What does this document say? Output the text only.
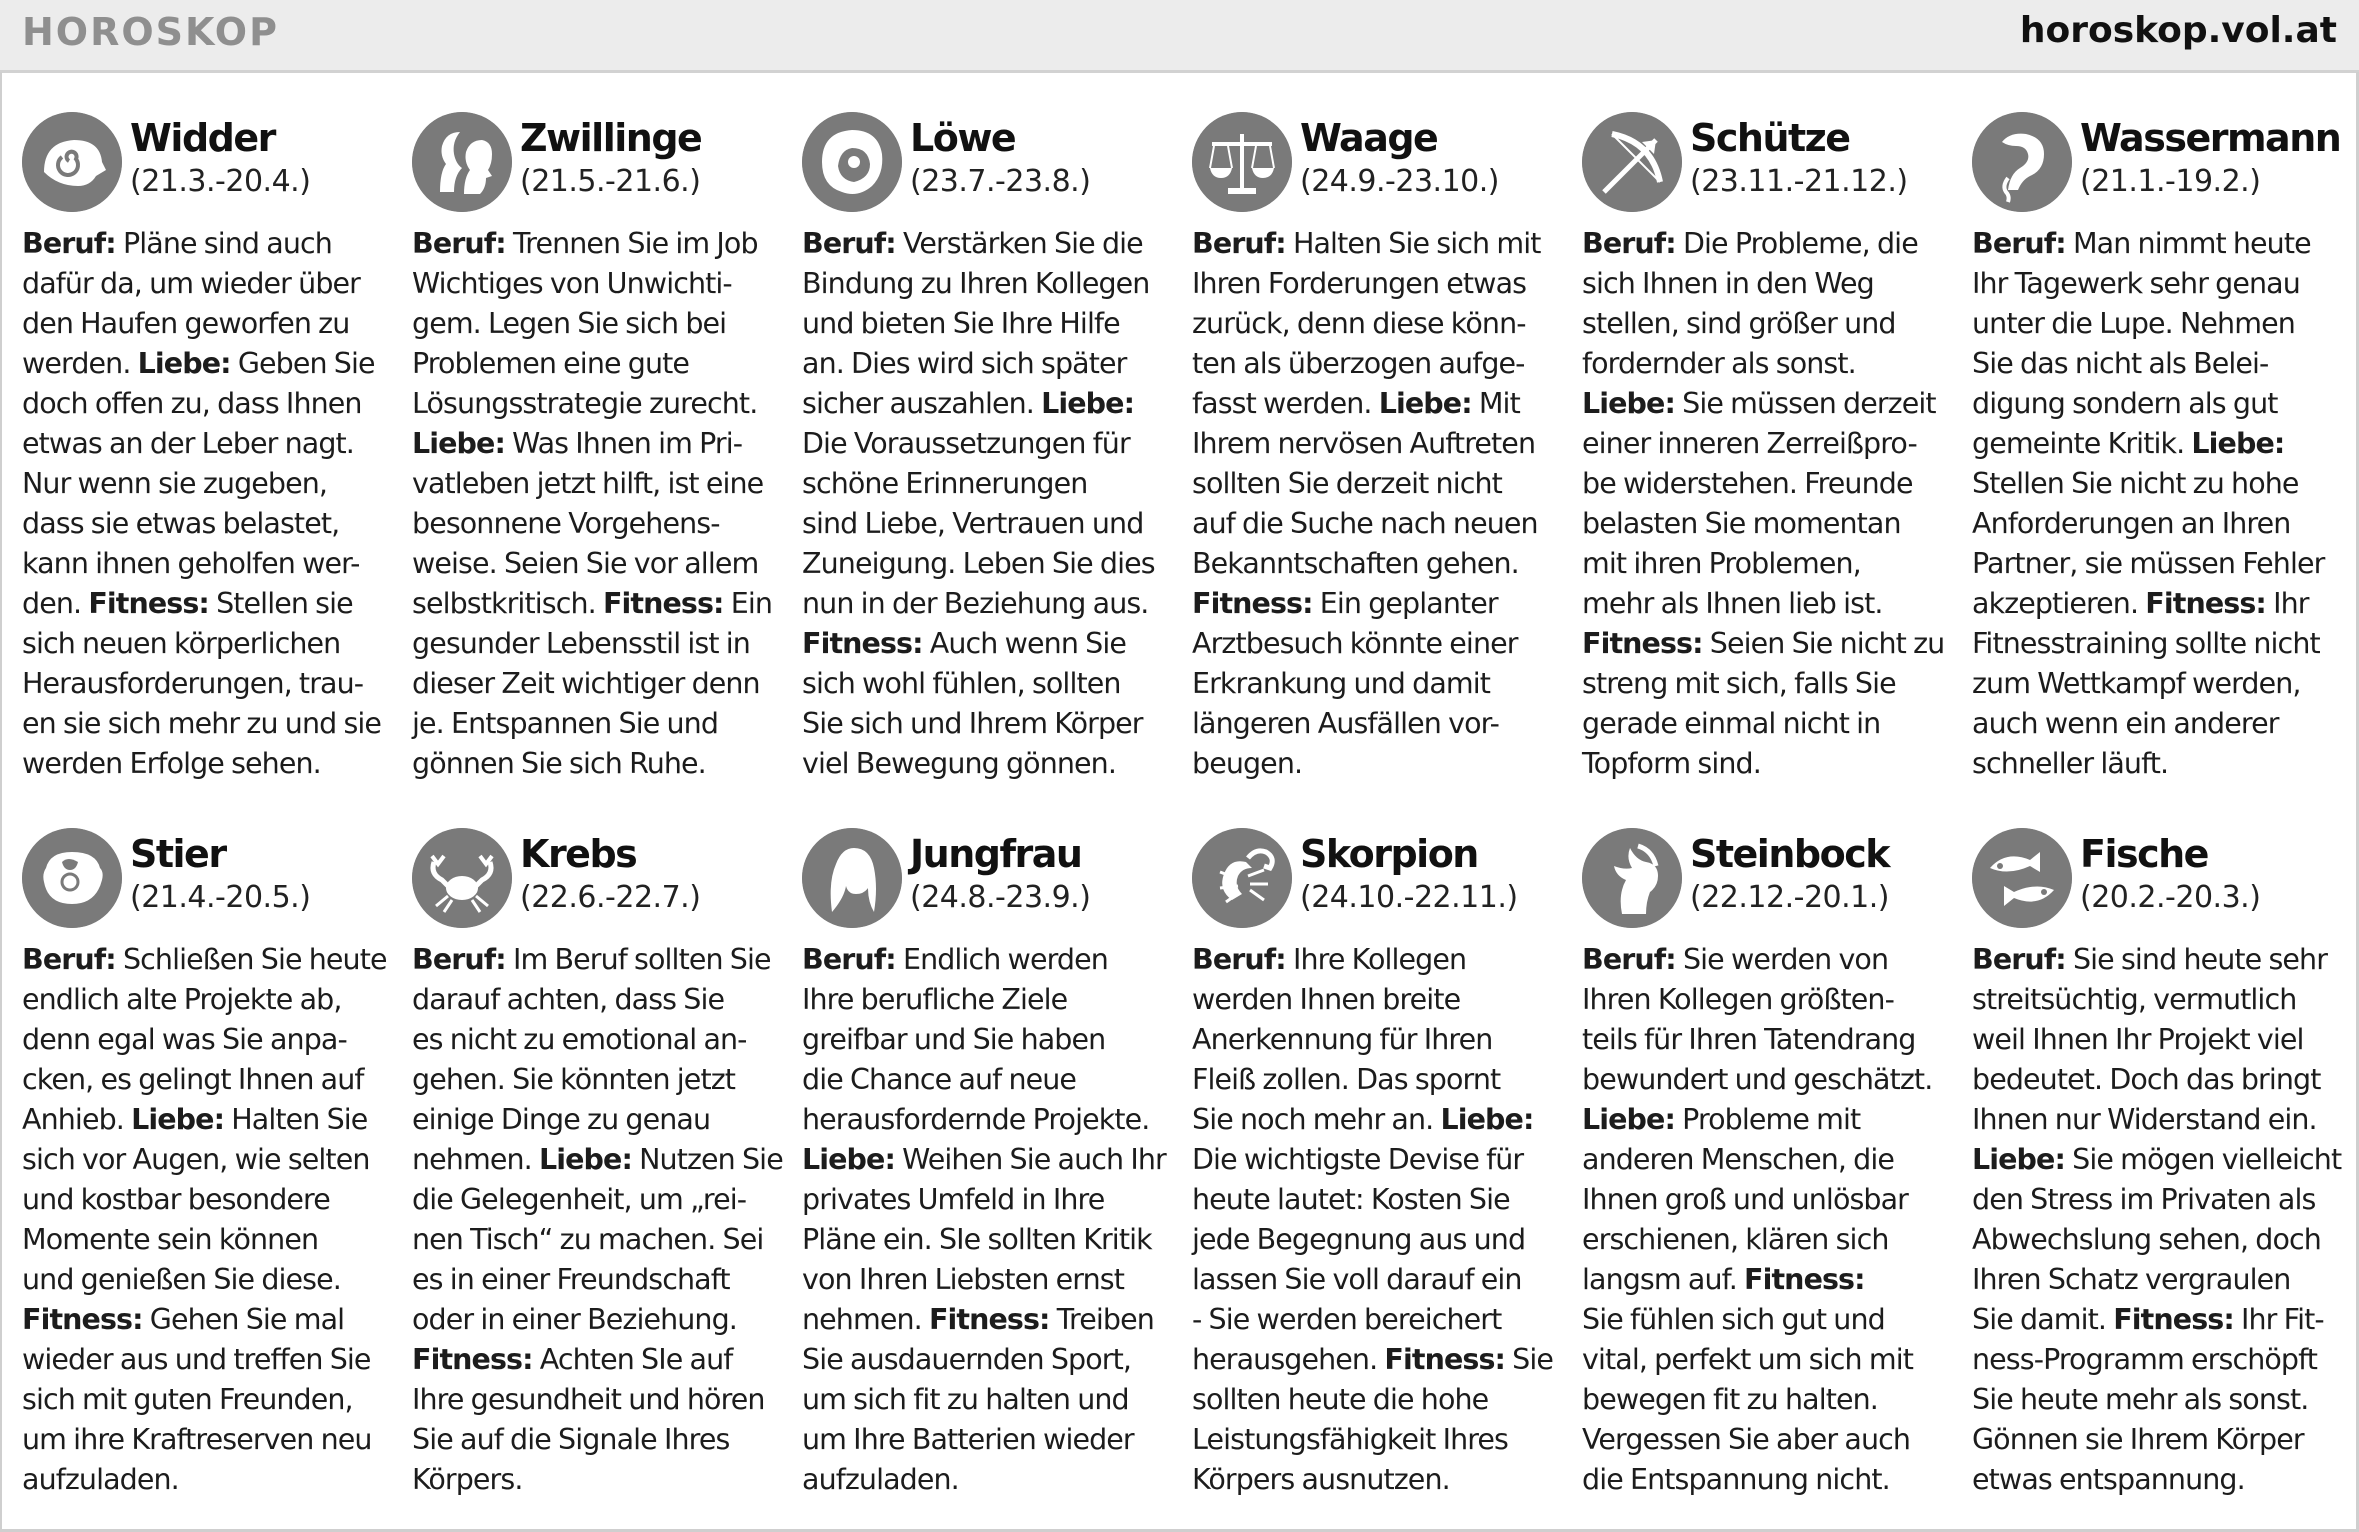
HOROSKOP	horoskop.vol.at
Widder
(21.3.-20.4.)
Beruf: Pläne sind auch
dafür da, um wieder über
den Haufen geworfen zu
werden. Liebe: Geben Sie
doch offen zu, dass Ihnen
etwas an der Leber nagt.
Nur wenn sie zugeben,
dass sie etwas belastet,
kann ihnen geholfen wer-
den. Fitness: Stellen sie
sich neuen körperlichen
Herausforderungen, trau-
en sie sich mehr zu und sie
werden Erfolge sehen.
Zwillinge
(21.5.-21.6.)
Beruf: Trennen Sie im Job
Wichtiges von Unwichti-
gem. Legen Sie sich bei
Problemen eine gute
Lösungsstrategie zurecht.
Liebe: Was Ihnen im Pri-
vatleben jetzt hilft, ist eine
besonnene Vorgehens-
weise. Seien Sie vor allem
selbstkritisch. Fitness: Ein
gesunder Lebensstil ist in
dieser Zeit wichtiger denn
je. Entspannen Sie und
gönnen Sie sich Ruhe.
Löwe
(23.7.-23.8.)
Beruf: Verstärken Sie die
Bindung zu Ihren Kollegen
und bieten Sie Ihre Hilfe
an. Dies wird sich später
sicher auszahlen. Liebe:
Die Voraussetzungen für
schöne Erinnerungen
sind Liebe, Vertrauen und
Zuneigung. Leben Sie dies
nun in der Beziehung aus.
Fitness: Auch wenn Sie
sich wohl fühlen, sollten
Sie sich und Ihrem Körper
viel Bewegung gönnen.
Waage
(24.9.-23.10.)
Beruf: Halten Sie sich mit
Ihren Forderungen etwas
zurück, denn diese könn-
ten als überzogen aufge-
fasst werden. Liebe: Mit
Ihrem nervösen Auftreten
sollten Sie derzeit nicht
auf die Suche nach neuen
Bekanntschaften gehen.
Fitness: Ein geplanter
Arztbesuch könnte einer
Erkrankung und damit
längeren Ausfällen vor-
beugen.
Schütze
(23.11.-21.12.)
Beruf: Die Probleme, die
sich Ihnen in den Weg
stellen, sind größer und
fordernder als sonst.
Liebe: Sie müssen derzeit
einer inneren Zerreißpro-
be widerstehen. Freunde
belasten Sie momentan
mit ihren Problemen,
mehr als Ihnen lieb ist.
Fitness: Seien Sie nicht zu
streng mit sich, falls Sie
gerade einmal nicht in
Topform sind.
Wassermann
(21.1.-19.2.)
Beruf: Man nimmt heute
Ihr Tagewerk sehr genau
unter die Lupe. Nehmen
Sie das nicht als Belei-
digung sondern als gut
gemeinte Kritik. Liebe:
Stellen Sie nicht zu hohe
Anforderungen an Ihren
Partner, sie müssen Fehler
akzeptieren. Fitness: Ihr
Fitnesstraining sollte nicht
zum Wettkampf werden,
auch wenn ein anderer
schneller läuft.
Stier
(21.4.-20.5.)
Beruf: Schließen Sie heute
endlich alte Projekte ab,
denn egal was Sie anpa-
cken, es gelingt Ihnen auf
Anhieb. Liebe: Halten Sie
sich vor Augen, wie selten
und kostbar besondere
Momente sein können
und genießen Sie diese.
Fitness: Gehen Sie mal
wieder aus und treffen Sie
sich mit guten Freunden,
um ihre Kraftreserven neu
aufzuladen.
Krebs
(22.6.-22.7.)
Beruf: Im Beruf sollten Sie
darauf achten, dass Sie
es nicht zu emotional an-
gehen. Sie könnten jetzt
einige Dinge zu genau
nehmen. Liebe: Nutzen Sie
die Gelegenheit, um „rei-
nen Tisch“ zu machen. Sei
es in einer Freundschaft
oder in einer Beziehung.
Fitness: Achten SIe auf
Ihre gesundheit und hören
Sie auf die Signale Ihres
Körpers.
Jungfrau
(24.8.-23.9.)
Beruf: Endlich werden
Ihre berufliche Ziele
greifbar und Sie haben
die Chance auf neue
herausfordernde Projekte.
Liebe: Weihen Sie auch Ihr
privates Umfeld in Ihre
Pläne ein. SIe sollten Kritik
von Ihren Liebsten ernst
nehmen. Fitness: Treiben
Sie ausdauernden Sport,
um sich fit zu halten und
um Ihre Batterien wieder
aufzuladen.
Skorpion
(24.10.-22.11.)
Beruf: Ihre Kollegen
werden Ihnen breite
Anerkennung für Ihren
Fleiß zollen. Das spornt
Sie noch mehr an. Liebe:
Die wichtigste Devise für
heute lautet: Kosten Sie
jede Begegnung aus und
lassen Sie voll darauf ein
- Sie werden bereichert
herausgehen. Fitness: Sie
sollten heute die hohe
Leistungsfähigkeit Ihres
Körpers ausnutzen.
Steinbock
(22.12.-20.1.)
Beruf: Sie werden von
Ihren Kollegen größten-
teils für Ihren Tatendrang
bewundert und geschätzt.
Liebe: Probleme mit
anderen Menschen, die
Ihnen groß und unlösbar
erschienen, klären sich
langsm auf. Fitness:
Sie fühlen sich gut und
vital, perfekt um sich mit
bewegen fit zu halten.
Vergessen Sie aber auch
die Entspannung nicht.
Fische
(20.2.-20.3.)
Beruf: Sie sind heute sehr
streitsüchtig, vermutlich
weil Ihnen Ihr Projekt viel
bedeutet. Doch das bringt
Ihnen nur Widerstand ein.
Liebe: Sie mögen vielleicht
den Stress im Privaten als
Abwechslung sehen, doch
Ihren Schatz vergraulen
Sie damit. Fitness: Ihr Fit-
ness-Programm erschöpft
Sie heute mehr als sonst.
Gönnen sie Ihrem Körper
etwas entspannung.
